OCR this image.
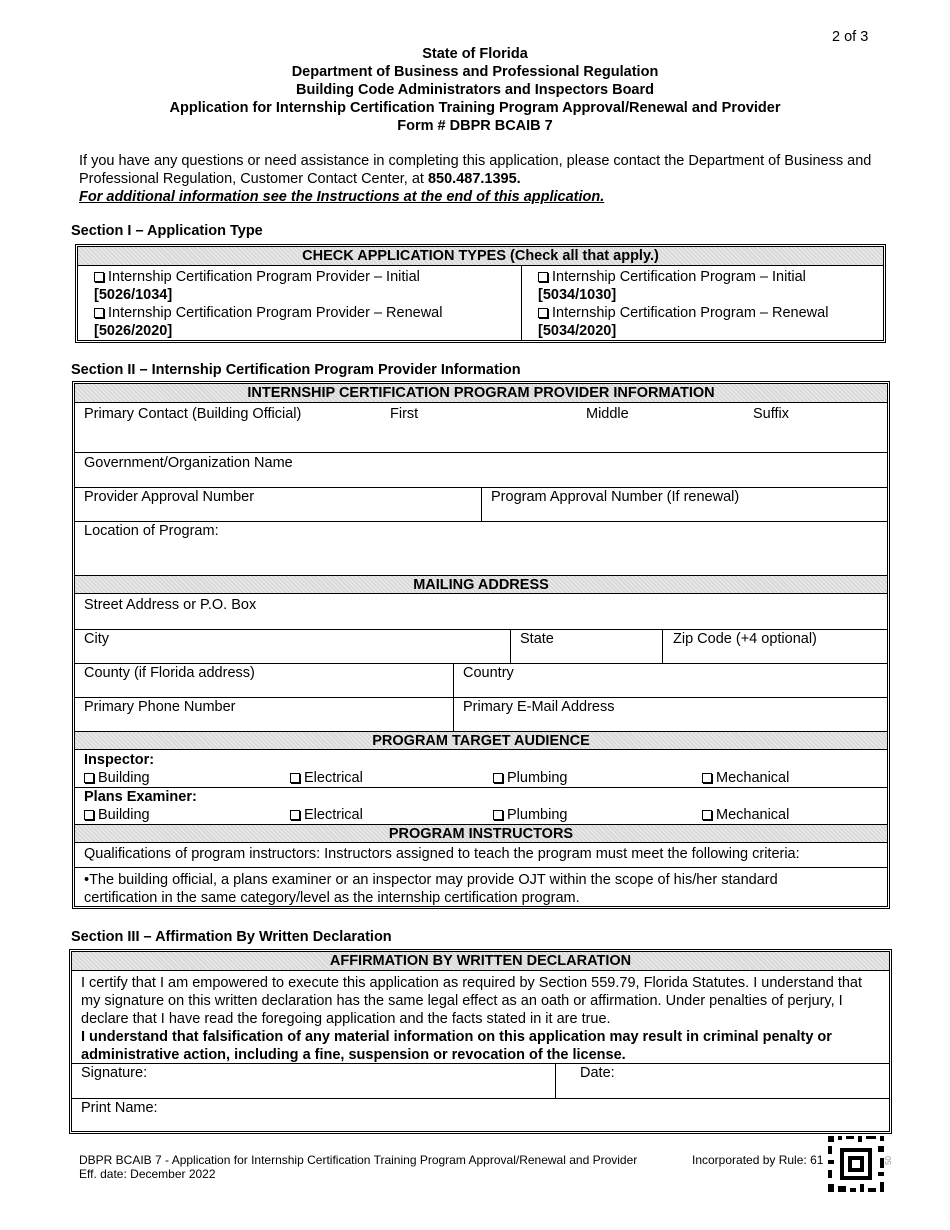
2 of 3
State of Florida
Department of Business and Professional Regulation
Building Code Administrators and Inspectors Board
Application for Internship Certification Training Program Approval/Renewal and Provider
Form # DBPR BCAIB 7
If you have any questions or need assistance in completing this application, please contact the Department of Business and Professional Regulation, Customer Contact Center, at 850.487.1395.
For additional information see the Instructions at the end of this application.
Section I – Application Type
CHECK APPLICATION TYPES (Check all that apply.)
Internship Certification Program Provider – Initial
[5026/1034]
Internship Certification Program Provider – Renewal
[5026/2020]
Internship Certification Program – Initial
[5034/1030]
Internship Certification Program – Renewal
[5034/2020]
Section II – Internship Certification Program Provider Information
INTERNSHIP CERTIFICATION PROGRAM PROVIDER INFORMATION
Primary Contact (Building Official)	First	Middle	Suffix
Government/Organization Name
Provider Approval Number	Program Approval Number (If renewal)
Location of Program:
MAILING ADDRESS
Street Address or P.O. Box
City	State	Zip Code (+4 optional)
County (if Florida address)	Country
Primary Phone Number	Primary E-Mail Address
PROGRAM TARGET AUDIENCE
Inspector:
Building	Electrical	Plumbing	Mechanical
Plans Examiner:
Building	Electrical	Plumbing	Mechanical
PROGRAM INSTRUCTORS
Qualifications of program instructors: Instructors assigned to teach the program must meet the following criteria:
•The building official, a plans examiner or an inspector may provide OJT within the scope of his/her standard certification in the same category/level as the internship certification program.
Section III – Affirmation By Written Declaration
AFFIRMATION BY WRITTEN DECLARATION
I certify that I am empowered to execute this application as required by Section 559.79, Florida Statutes. I understand that my signature on this written declaration has the same legal effect as an oath or affirmation. Under penalties of perjury, I declare that I have read the foregoing application and the facts stated in it are true.
I understand that falsification of any material information on this application may result in criminal penalty or administrative action, including a fine, suspension or revocation of the license.
Signature:	Date:
Print Name:
DBPR BCAIB 7 - Application for Internship Certification Training Program Approval/Renewal and Provider
Eff. date: December 2022
Incorporated by Rule: 61	50
